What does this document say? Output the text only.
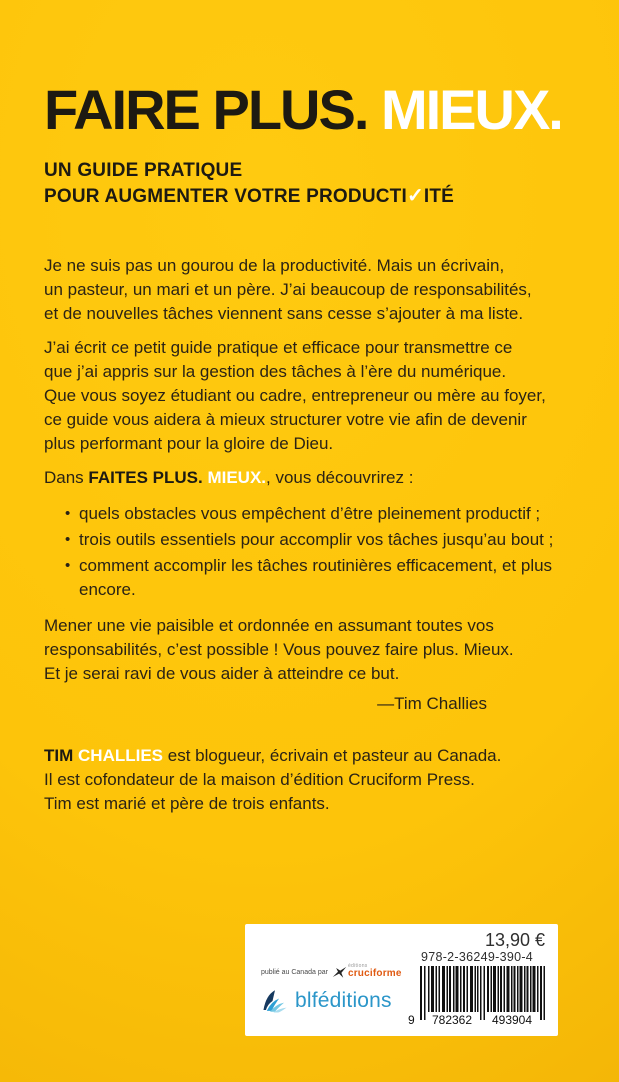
FAIRE PLUS. MIEUX.
UN GUIDE PRATIQUE
POUR AUGMENTER VOTRE PRODUCTI✓ITÉ

Je ne suis pas un gourou de la productivité. Mais un écrivain,
un pasteur, un mari et un père. J’ai beaucoup de responsabilités,
et de nouvelles tâches viennent sans cesse s’ajouter à ma liste.

J’ai écrit ce petit guide pratique et efficace pour transmettre ce
que j’ai appris sur la gestion des tâches à l’ère du numérique.
Que vous soyez étudiant ou cadre, entrepreneur ou mère au foyer,
ce guide vous aidera à mieux structurer votre vie afin de devenir
plus performant pour la gloire de Dieu.

Dans FAITES PLUS. MIEUX., vous découvrirez :

• quels obstacles vous empêchent d’être pleinement productif ;
• trois outils essentiels pour accomplir vos tâches jusqu’au bout ;
• comment accomplir les tâches routinières efficacement, et plus encore.

Mener une vie paisible et ordonnée en assumant toutes vos
responsabilités, c’est possible ! Vous pouvez faire plus. Mieux.
Et je serai ravi de vous aider à atteindre ce but.

—Tim Challies

TIM CHALLIES est blogueur, écrivain et pasteur au Canada.
Il est cofondateur de la maison d’édition Cruciform Press.
Tim est marié et père de trois enfants.

13,90 €
publié au Canada par
éditions
cruciforme
blféditions
978-2-36249-390-4
9 782362 493904
